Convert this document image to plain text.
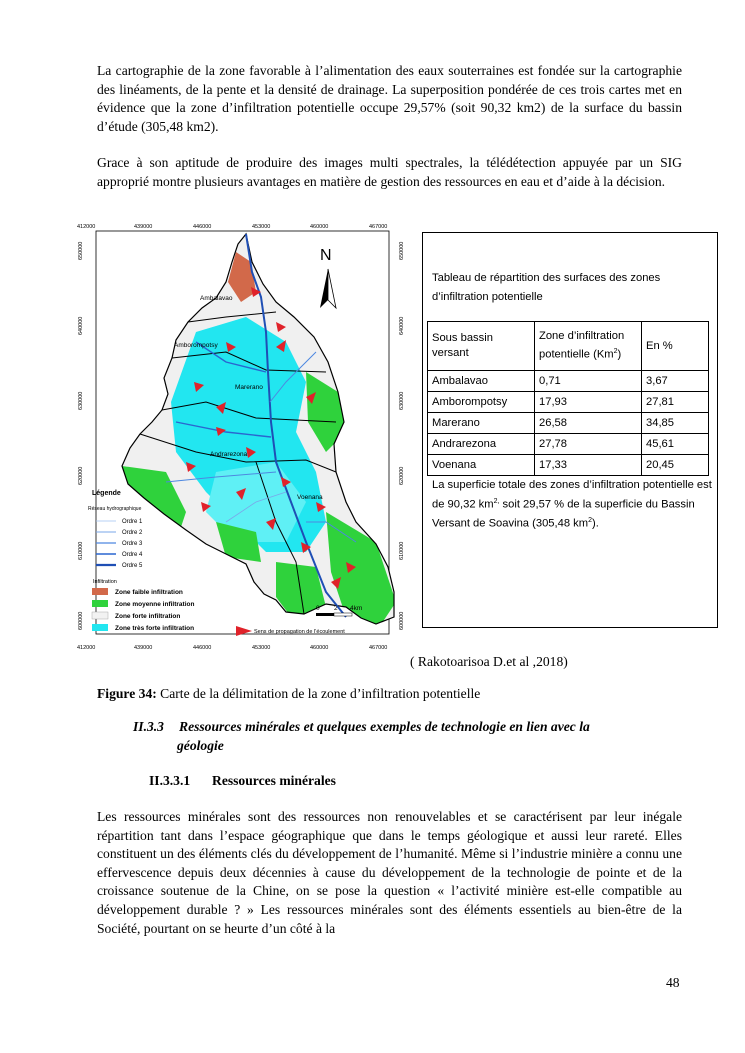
La cartographie de la zone favorable à l’alimentation des eaux souterraines est fondée sur la cartographie des linéaments, de la pente et la densité de drainage. La superposition pondérée de ces trois cartes met en évidence que la zone d’infiltration potentielle occupe 29,57% (soit 90,32 km2) de la surface du bassin d’étude (305,48 km2).

Grace à son aptitude de produire des images multi spectrales, la télédétection appuyée par un SIG approprié montre plusieurs avantages en matière de gestion des ressources en eau et d’aide à la décision.

412000	439000	446000	453000	460000	467000
412000	439000	446000	453000	460000	467000
650000
640000
630000
620000
610000
600000
650000
640000
630000
620000
610000
600000
Ambalavao
Amborompotsy
Marerano
Andrarezona
Voenana
N
Légende
Réseau hydrographique
Ordre 1
Ordre 2
Ordre 3
Ordre 4
Ordre 5
Infiltration
Zone faible infiltration
Zone moyenne infiltration
Zone forte infiltration
Zone très forte infiltration
0 2 4km
Sens de propagation de l’écoulement
Tableau de répartition des surfaces des zones d’infiltration potentielle
Sous bassin versant	Zone d’infiltration potentielle (Km$^2$)	En %
Ambalavao	0,71	3,67
Amborompotsy	17,93	27,81
Marerano	26,58	34,85
Andrarezona	27,78	45,61
Voenana	17,33	20,45
La superficie totale des zones d’infiltration potentielle est de 90,32 $km^{2,}$ soit 29,57 % de la superficie du Bassin Versant de Soavina (305,48 $km^2$).
( Rakotoarisoa D.et al ,2018)
Figure 34: Carte de la délimitation de la zone d’infiltration potentielle
II.3.3 Ressources minérales et quelques exemples de technologie en lien avec la
géologie
II.3.3.1 Ressources minérales

Les ressources minérales sont des ressources non renouvelables et se caractérisent par leur inégale répartition tant dans l’espace géographique que dans le temps géologique et aussi leur rareté. Elles constituent un des éléments clés du développement de l’humanité. Même si l’industrie minière a connu une effervescence depuis deux décennies à cause du développement de la technologie de pointe et de la croissance soutenue de la Chine, on se pose la question « l’activité minière est-elle compatible au développement durable ? » Les ressources minérales sont des éléments essentiels au bien-être de la Société, pourtant on se heurte d’un côté à la

48
